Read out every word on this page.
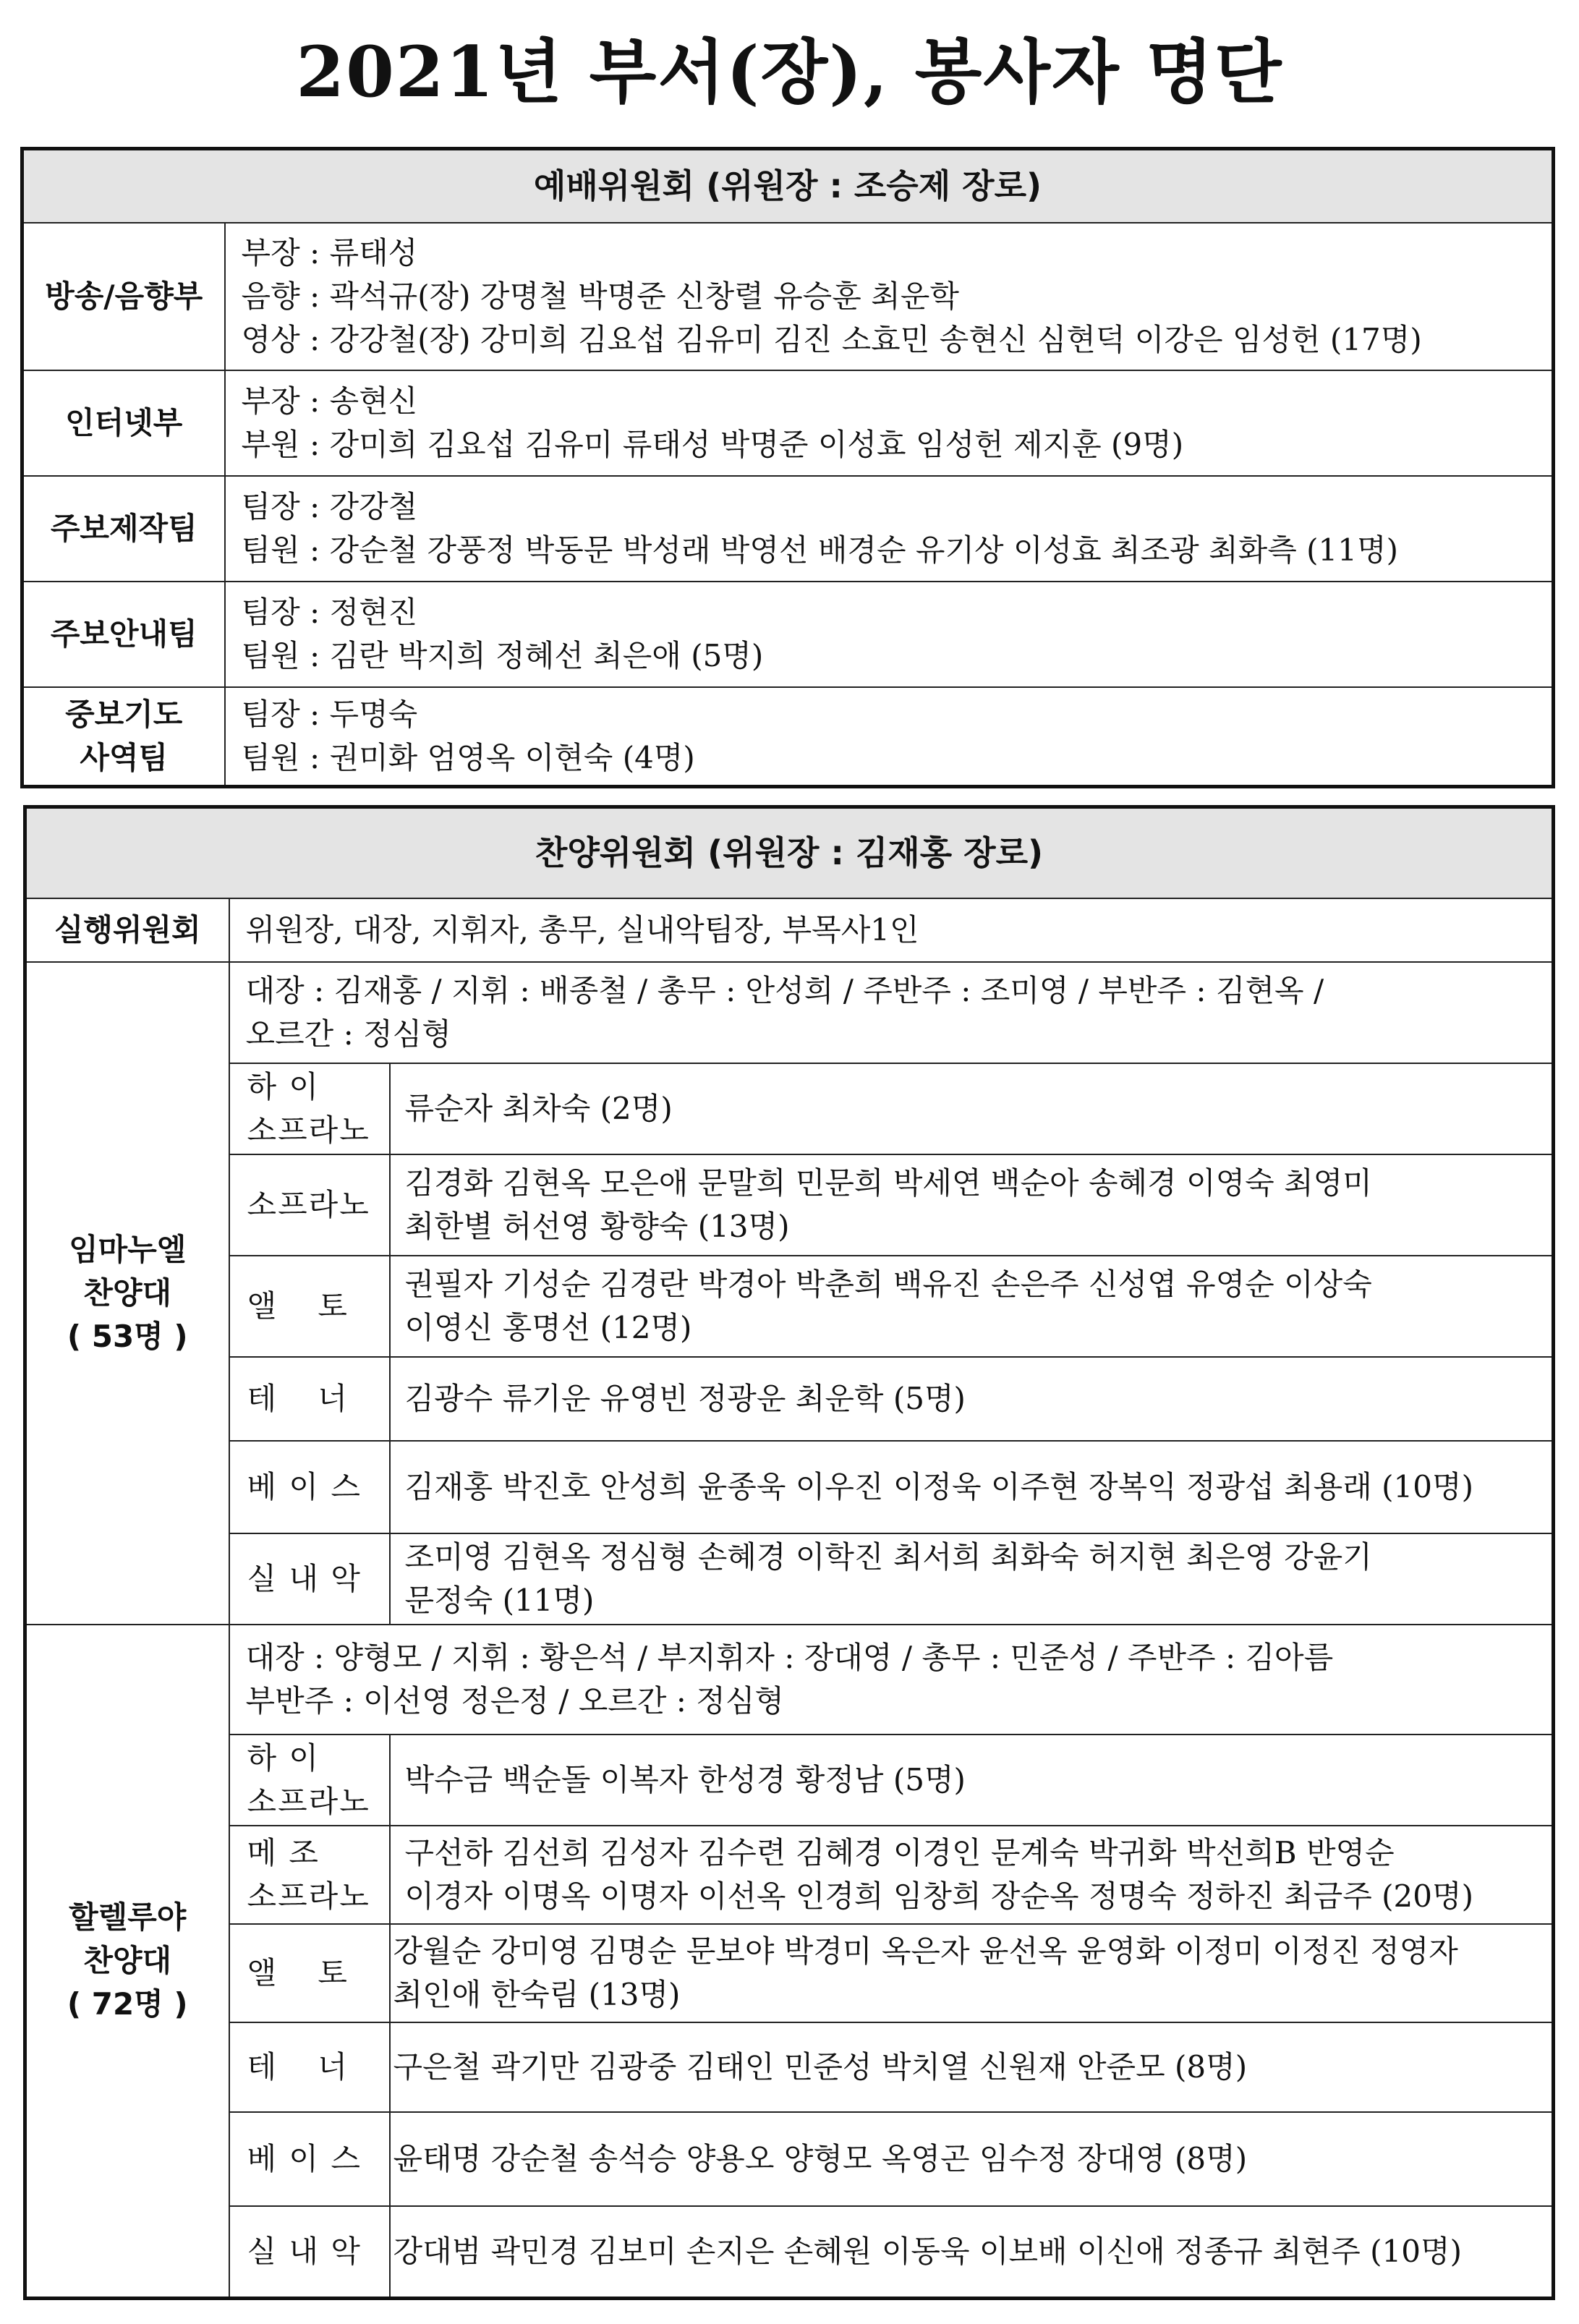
2021년 부서(장), 봉사자 명단
예배위원회 (위원장 : 조승제 장로)	
방송/음향부	부장 : 류태성
음향 : 곽석규(장) 강명철 박명준 신창렬 유승훈 최운학
영상 : 강강철(장) 강미희 김요섭 김유미 김진 소효민 송현신 심현덕 이강은 임성헌 (17명)

인터넷부	부장 : 송현신
부원 : 강미희 김요섭 김유미 류태성 박명준 이성효 임성헌 제지훈 (9명)

주보제작팀	팀장 : 강강철
팀원 : 강순철 강풍정 박동문 박성래 박영선 배경순 유기상 이성효 최조광 최화측 (11명)

주보안내팀	팀장 : 정현진
팀원 : 김란 박지희 정혜선 최은애 (5명)

중보기도
사역팀	팀장 : 두명숙
팀원 : 권미화 엄영옥 이현숙 (4명)
찬양위원회 (위원장 : 김재홍 장로)		
실행위원회	위원장, 대장, 지휘자, 총무, 실내악팀장, 부목사1인	

임마누엘
찬양대
( 53명 )	대장 : 김재홍 / 지휘 : 배종철 / 총무 : 안성희 / 주반주 : 조미영 / 부반주 : 김현옥 /
오르간 : 정심형	

하 이
소프라노	류순자 최차숙 (2명)

	소프라노	김경화 김현옥 모은애 문말희 민문희 박세연 백순아 송혜경 이영숙 최영미
최한별 허선영 황향숙 (13명)

	앨 토	권필자 기성순 김경란 박경아 박춘희 백유진 손은주 신성엽 유영순 이상숙
이영신 홍명선 (12명)

	테 너	김광수 류기운 유영빈 정광운 최운학 (5명)

	베 이 스	김재홍 박진호 안성희 윤종욱 이우진 이정욱 이주현 장복익 정광섭 최용래 (10명)

	실 내 악	조미영 김현옥 정심형 손혜경 이학진 최서희 최화숙 허지현 최은영 강윤기
문정숙 (11명)

할렐루야
찬양대
( 72명 )	대장 : 양형모 / 지휘 : 황은석 / 부지휘자 : 장대영 / 총무 : 민준성 / 주반주 : 김아름
부반주 : 이선영 정은정 / 오르간 : 정심형	

	하 이
소프라노	박수금 백순돌 이복자 한성경 황정남 (5명)

	메 조
소프라노	구선하 김선희 김성자 김수련 김혜경 이경인 문계숙 박귀화 박선희B 반영순
이경자 이명옥 이명자 이선옥 인경희 임창희 장순옥 정명숙 정하진 최금주 (20명)

	앨 토	강월순 강미영 김명순 문보야 박경미 옥은자 윤선옥 윤영화 이정미 이정진 정영자
최인애 한숙림 (13명)

	테 너	구은철 곽기만 김광중 김태인 민준성 박치열 신원재 안준모 (8명)

	베 이 스	윤태명 강순철 송석승 양용오 양형모 옥영곤 임수정 장대영 (8명)

	실 내 악	강대범 곽민경 김보미 손지은 손혜원 이동욱 이보배 이신애 정종규 최현주 (10명)
